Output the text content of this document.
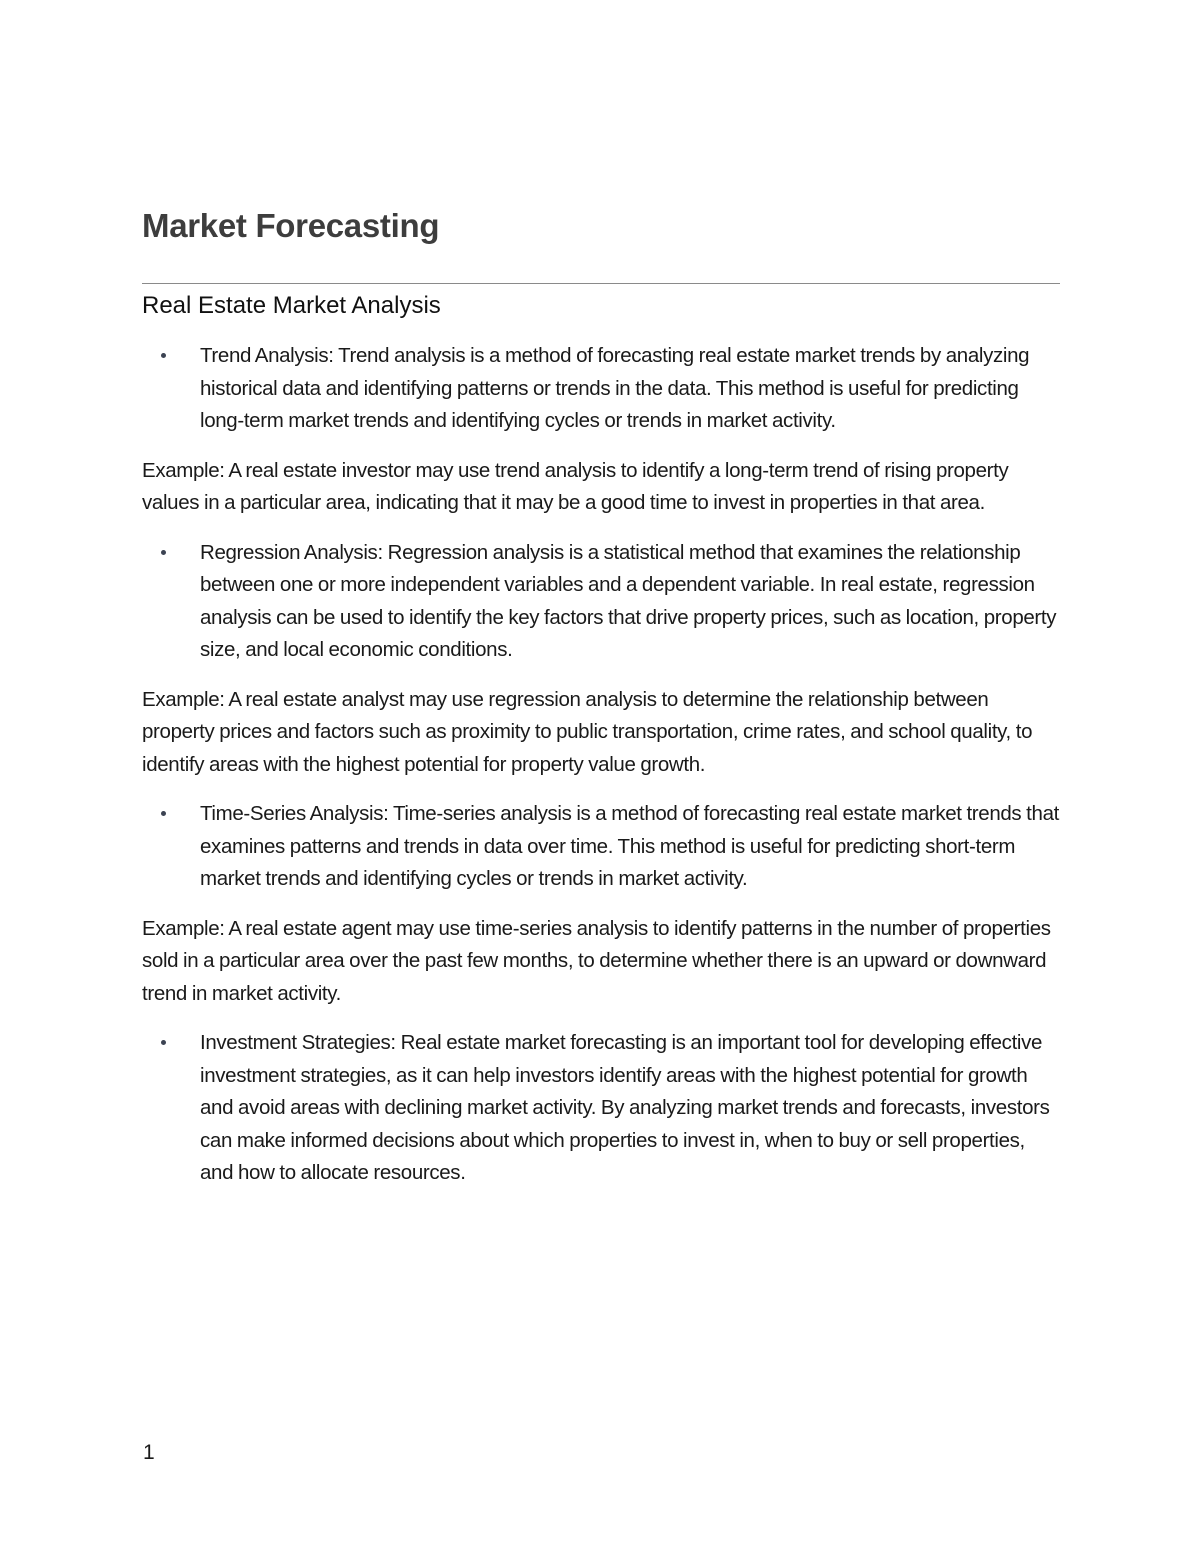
Market Forecasting
Real Estate Market Analysis
Trend Analysis: Trend analysis is a method of forecasting real estate market trends by analyzing historical data and identifying patterns or trends in the data. This method is useful for predicting long-term market trends and identifying cycles or trends in market activity.

Example: A real estate investor may use trend analysis to identify a long-term trend of rising property values in a particular area, indicating that it may be a good time to invest in properties in that area.

Regression Analysis: Regression analysis is a statistical method that examines the relationship between one or more independent variables and a dependent variable. In real estate, regression analysis can be used to identify the key factors that drive property prices, such as location, property size, and local economic conditions.

Example: A real estate analyst may use regression analysis to determine the relationship between property prices and factors such as proximity to public transportation, crime rates, and school quality, to identify areas with the highest potential for property value growth.

Time-Series Analysis: Time-series analysis is a method of forecasting real estate market trends that examines patterns and trends in data over time. This method is useful for predicting short-term market trends and identifying cycles or trends in market activity.

Example: A real estate agent may use time-series analysis to identify patterns in the number of properties sold in a particular area over the past few months, to determine whether there is an upward or downward trend in market activity.

Investment Strategies: Real estate market forecasting is an important tool for developing effective investment strategies, as it can help investors identify areas with the highest potential for growth and avoid areas with declining market activity. By analyzing market trends and forecasts, investors can make informed decisions about which properties to invest in, when to buy or sell properties, and how to allocate resources.
1
